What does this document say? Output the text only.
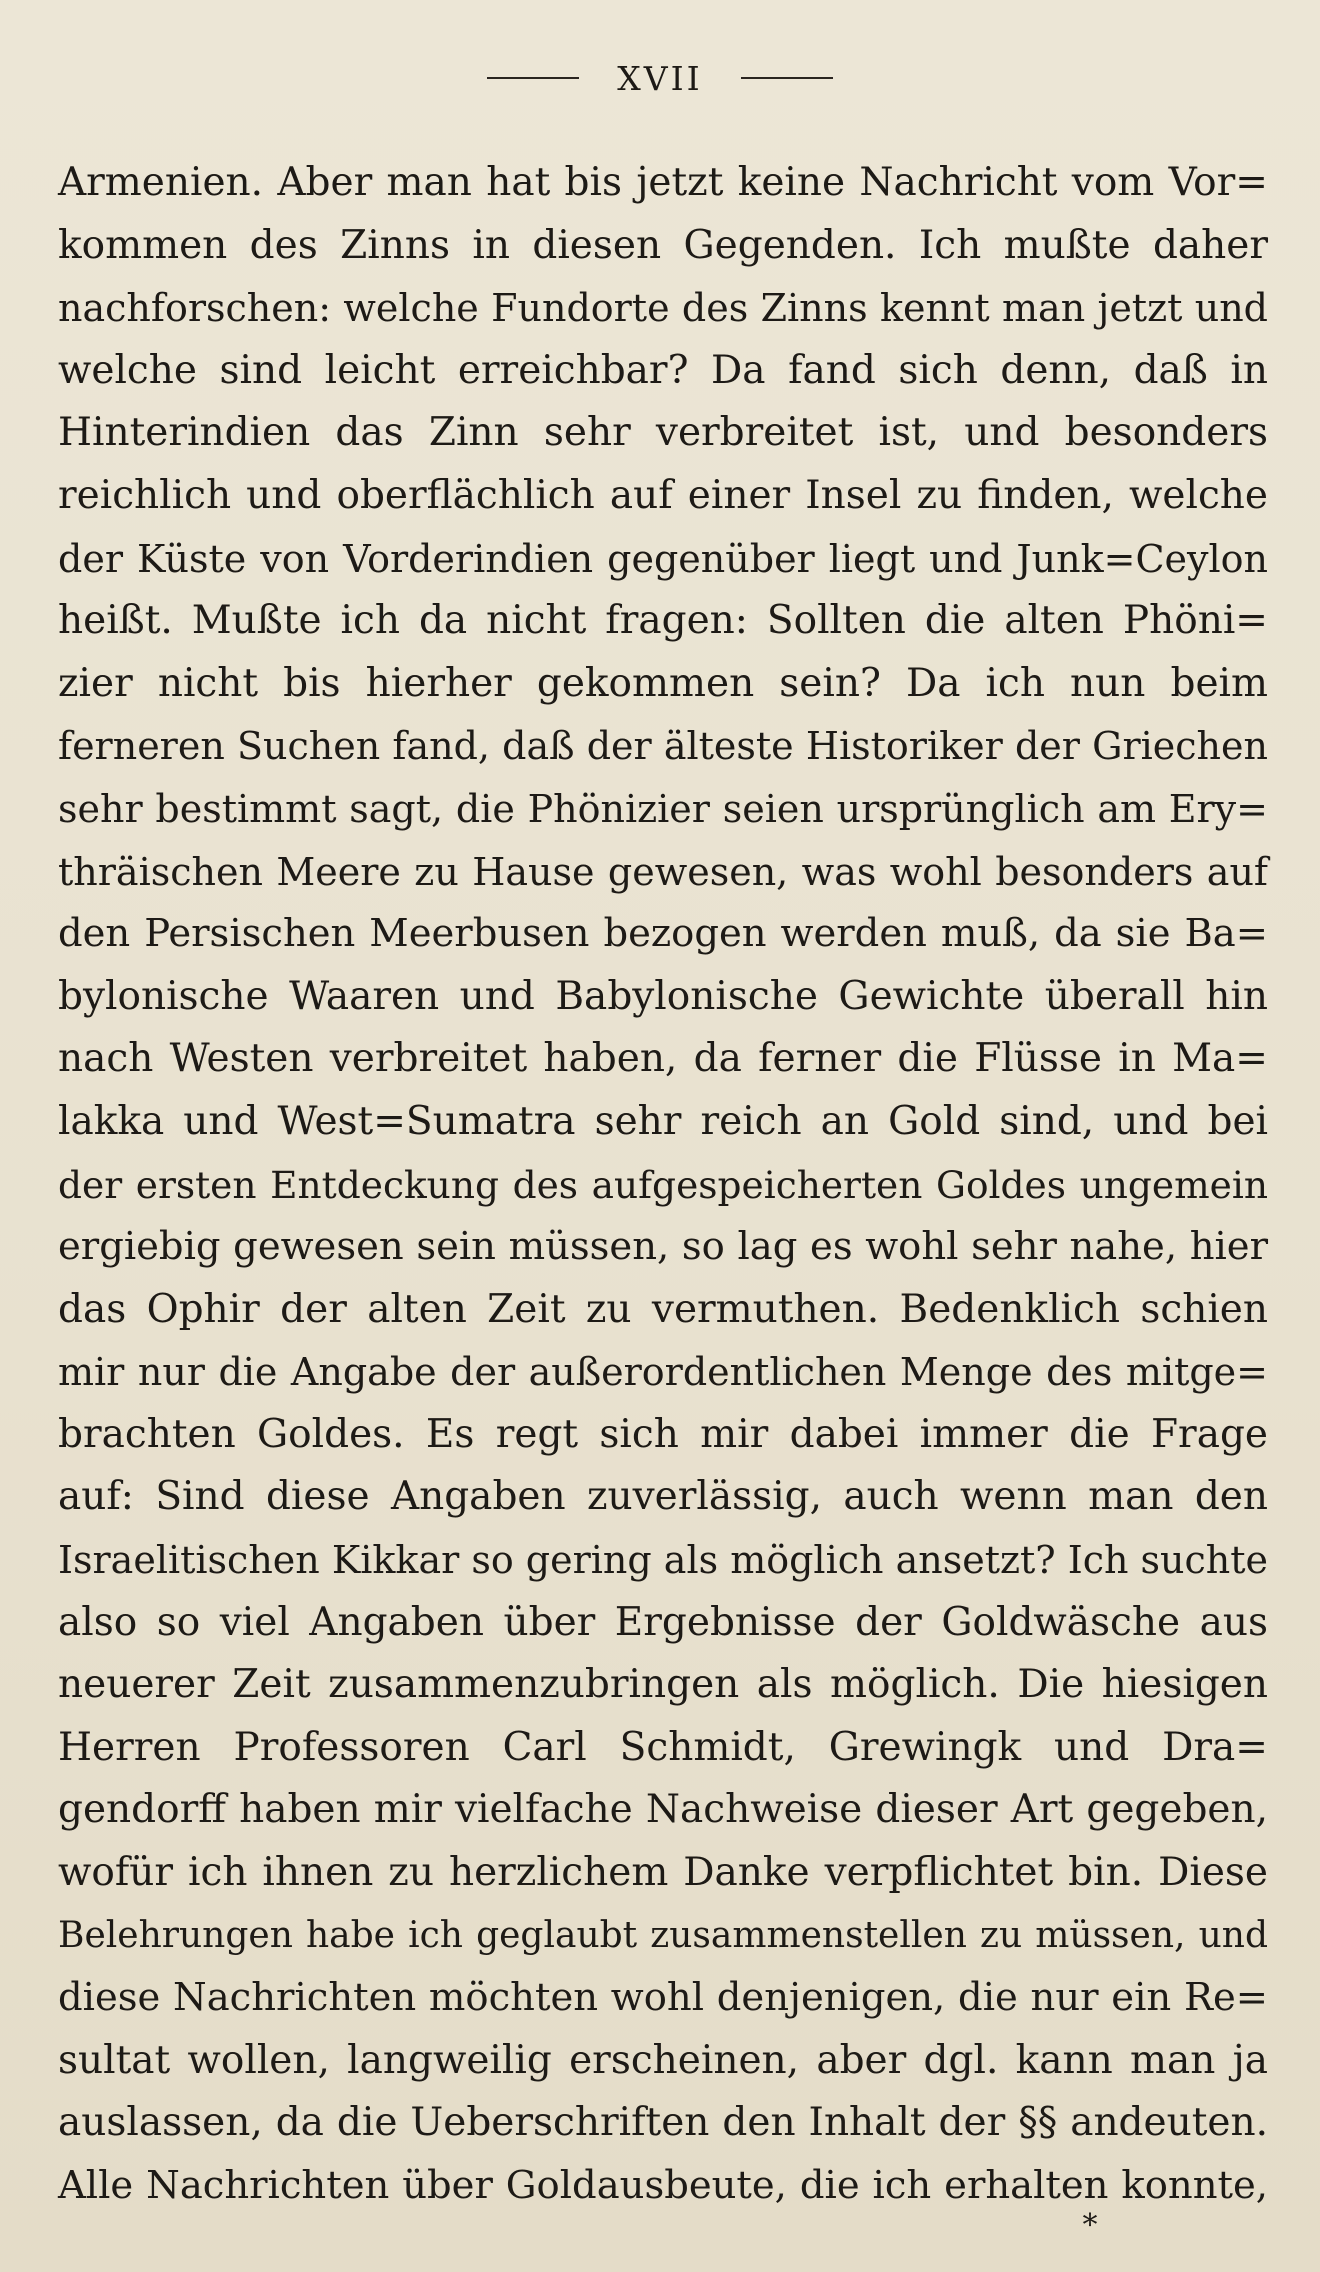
XVII
Armenien. Aber man hat bis jetzt keine Nachricht vom Vor=
kommen des Zinns in diesen Gegenden. Ich mußte daher
nachforschen: welche Fundorte des Zinns kennt man jetzt und
welche sind leicht erreichbar? Da fand sich denn, daß in
Hinterindien das Zinn sehr verbreitet ist, und besonders
reichlich und oberflächlich auf einer Insel zu finden, welche
der Küste von Vorderindien gegenüber liegt und Junk=Ceylon
heißt. Mußte ich da nicht fragen: Sollten die alten Phöni=
zier nicht bis hierher gekommen sein? Da ich nun beim
ferneren Suchen fand, daß der älteste Historiker der Griechen
sehr bestimmt sagt, die Phönizier seien ursprünglich am Ery=
thräischen Meere zu Hause gewesen, was wohl besonders auf
den Persischen Meerbusen bezogen werden muß, da sie Ba=
bylonische Waaren und Babylonische Gewichte überall hin
nach Westen verbreitet haben, da ferner die Flüsse in Ma=
lakka und West=Sumatra sehr reich an Gold sind, und bei
der ersten Entdeckung des aufgespeicherten Goldes ungemein
ergiebig gewesen sein müssen, so lag es wohl sehr nahe, hier
das Ophir der alten Zeit zu vermuthen. Bedenklich schien
mir nur die Angabe der außerordentlichen Menge des mitge=
brachten Goldes. Es regt sich mir dabei immer die Frage
auf: Sind diese Angaben zuverlässig, auch wenn man den
Israelitischen Kikkar so gering als möglich ansetzt? Ich suchte
also so viel Angaben über Ergebnisse der Goldwäsche aus
neuerer Zeit zusammenzubringen als möglich. Die hiesigen
Herren Professoren Carl Schmidt, Grewingk und Dra=
gendorff haben mir vielfache Nachweise dieser Art gegeben,
wofür ich ihnen zu herzlichem Danke verpflichtet bin. Diese
Belehrungen habe ich geglaubt zusammenstellen zu müssen, und
diese Nachrichten möchten wohl denjenigen, die nur ein Re=
sultat wollen, langweilig erscheinen, aber dgl. kann man ja
auslassen, da die Ueberschriften den Inhalt der §§ andeuten.
Alle Nachrichten über Goldausbeute, die ich erhalten konnte,
*
